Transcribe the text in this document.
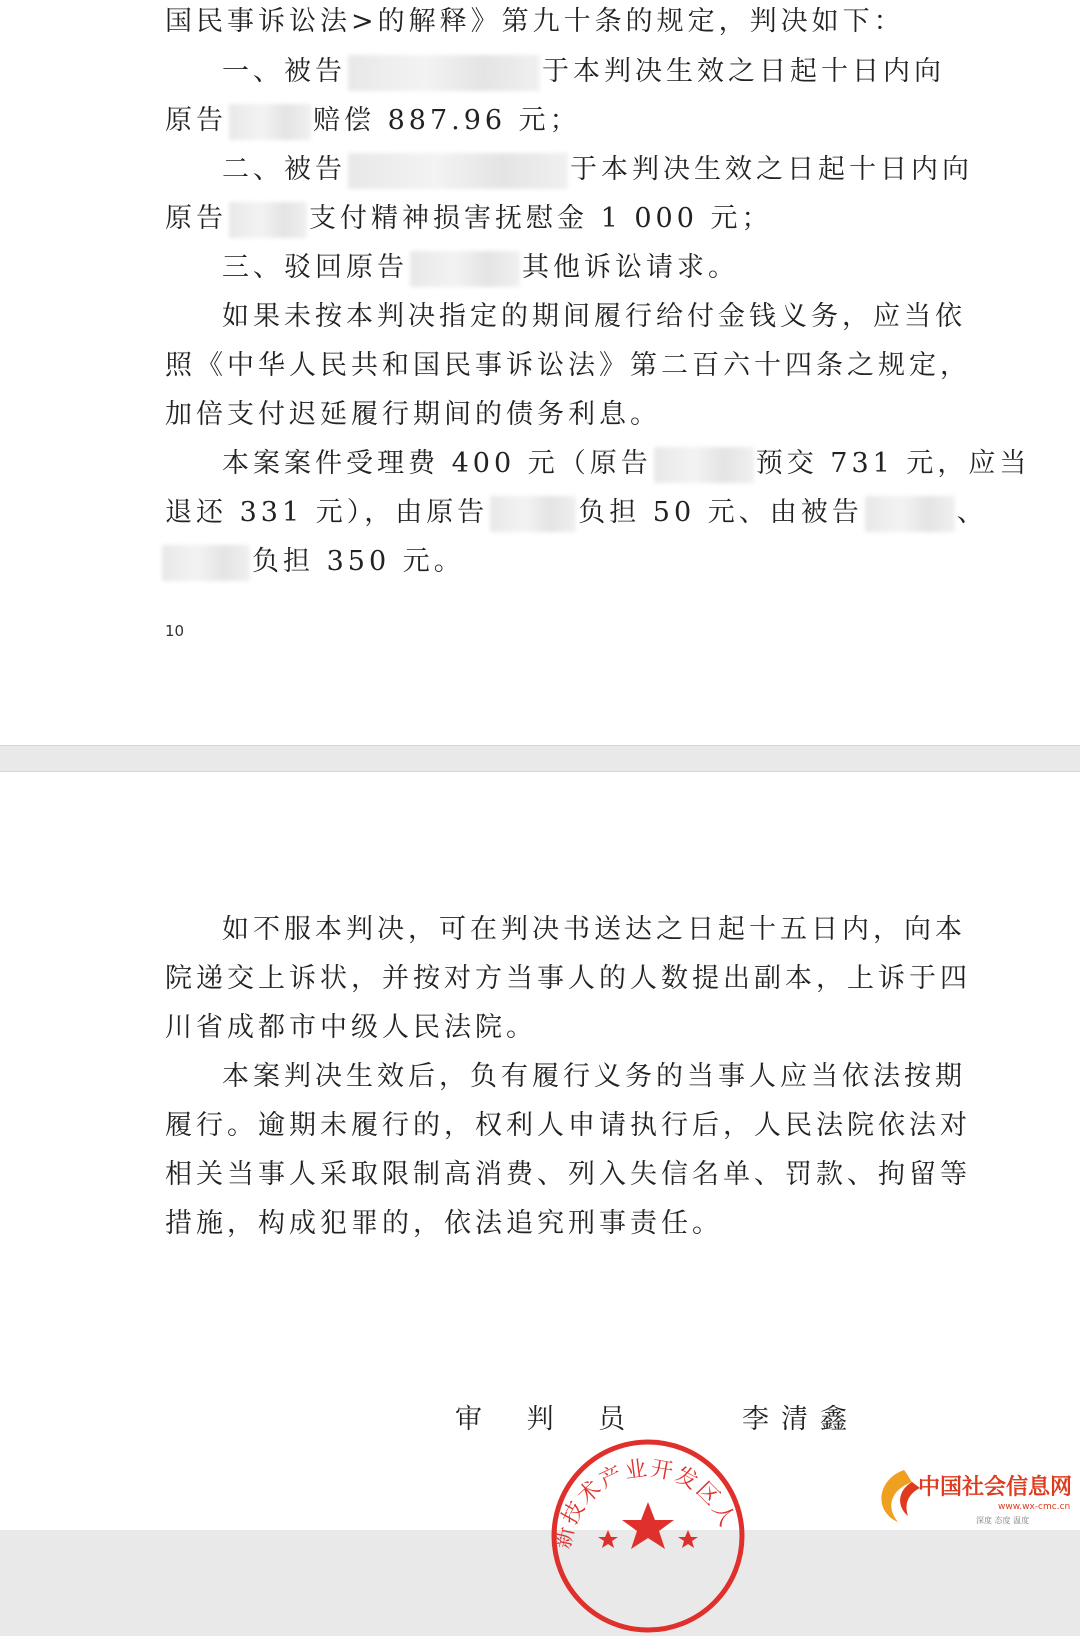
国民事诉讼法>的解释》第九十条的规定，判决如下：
一、被告	于本判决生效之日起十日内向
原告	赔偿 887.96 元；
二、被告	于本判决生效之日起十日内向
原告	支付精神损害抚慰金 1 000 元；
三、驳回原告	其他诉讼请求。
如果未按本判决指定的期间履行给付金钱义务，应当依
照《中华人民共和国民事诉讼法》第二百六十四条之规定，
加倍支付迟延履行期间的债务利息。
本案案件受理费 400 元（原告	预交 731 元，应当
退还 331 元），由原告	负担 50 元、由被告	、
负担 350 元。
10
如不服本判决，可在判决书送达之日起十五日内，向本
院递交上诉状，并按对方当事人的人数提出副本，上诉于四
川省成都市中级人民法院。
本案判决生效后，负有履行义务的当事人应当依法按期
履行。逾期未履行的，权利人申请执行后，人民法院依法对
相关当事人采取限制高消费、列入失信名单、罚款、拘留等
措施，构成犯罪的，依法追究刑事责任。
审 判 员	李清鑫
新技术产业开发区人
中国社会信息网
www.wx-cmc.cn
深度 态度 温度
